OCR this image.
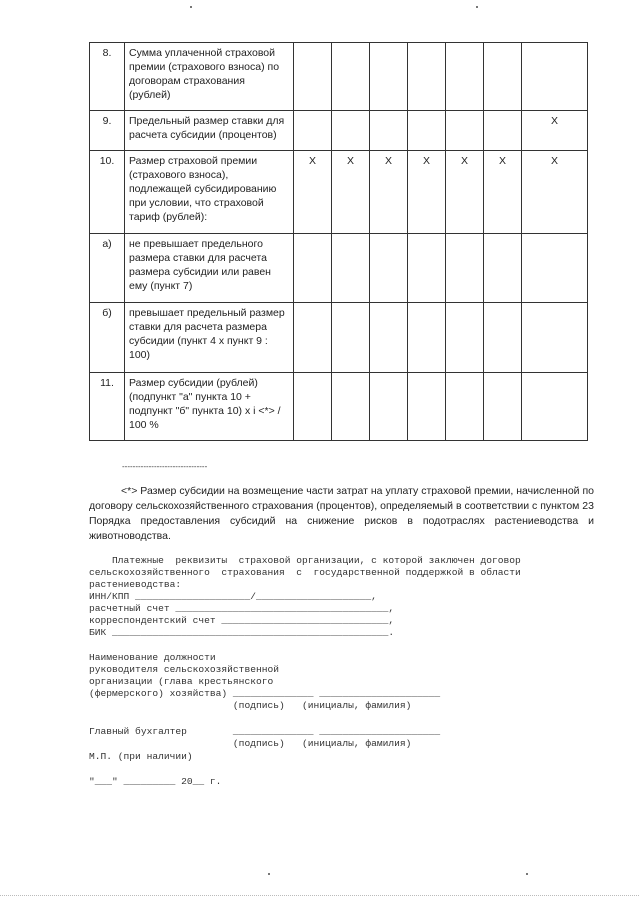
8.	Сумма уплаченной страховой премии (страхового взноса) по договорам страхования (рублей)							
9.	Предельный размер ставки для расчета субсидии (процентов)							X
10.	Размер страховой премии (страхового взноса), подлежащей субсидированию при условии, что страховой тариф (рублей):	X	X	X	X	X	X	X
а)	не превышает предельного размера ставки для расчета размера субсидии или равен ему (пункт 7)							
б)	превышает предельный размер ставки для расчета размера субсидии (пункт 4 x пункт 9 : 100)							
11.	Размер субсидии (рублей) (подпункт "а" пункта 10 + подпункт "б" пункта 10) x i <*> / 100 %							
--------------------------------
<*> Размер субсидии на возмещение части затрат на уплату страховой премии, начисленной по договору сельскохозяйственного страхования (процентов), определяемый в соответствии с пунктом 23 Порядка предоставления субсидий на снижение рисков в подотраслях растениеводства и животноводства.
Платежные  реквизиты  страховой организации, с которой заключен договор
сельскохозяйственного  страхования  с  государственной поддержкой в области
растениеводства:
ИНН/КПП ____________________/____________________,
расчетный счет _____________________________________,
корреспондентский счет _____________________________,
БИК ________________________________________________.
Наименование должности
руководителя сельскохозяйственной
организации (глава крестьянского
(фермерского) хозяйства) ______________ _____________________
(подпись)   (инициалы, фамилия)
Главный бухгалтер        ______________ _____________________
(подпись)   (инициалы, фамилия)
М.П. (при наличии)
"___" _________ 20__ г.
